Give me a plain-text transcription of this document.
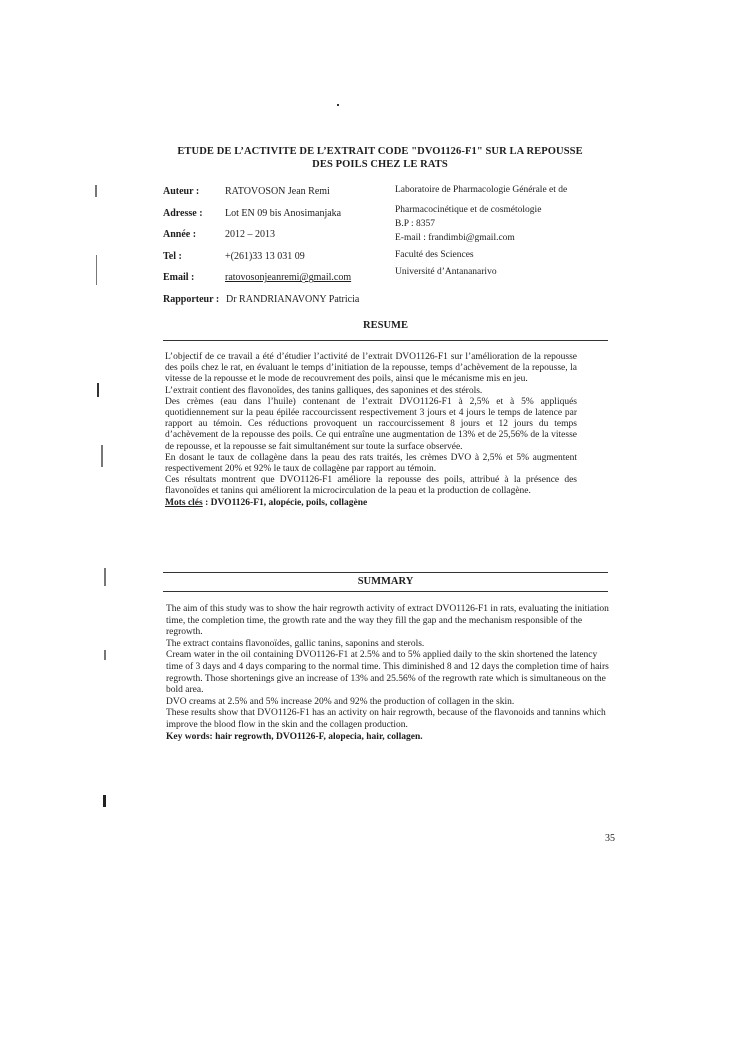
ETUDE DE L’ACTIVITE DE L’EXTRAIT CODE "DVO1126-F1" SUR LA REPOUSSE
DES POILS CHEZ LE RATS
Auteur :	RATOVOSON Jean Remi
Adresse : Lot EN 09 bis Anosimanjaka
Année :	2012 – 2013
Tel :	+(261)33 13 031 09
Email :	ratovosonjeanremi@gmail.com
Rapporteur : Dr RANDRIANAVONY Patricia
Laboratoire de Pharmacologie Générale et de
Pharmacocinétique et de cosmétologie
B.P : 8357
E-mail : frandimbi@gmail.com
Faculté des Sciences
Université d’Antananarivo
RESUME

L’objectif de ce travail a été d’étudier l’activité de l’extrait DVO1126-F1 sur l’amélioration de la repousse des poils chez le rat, en évaluant le temps d’initiation de la repousse, temps d’achèvement de la repousse, la vitesse de la repousse et le mode de recouvrement des poils, ainsi que le mécanisme mis en jeu.

L’extrait contient des flavonoïdes, des tanins galliques, des saponines et des stérols.

Des crèmes (eau dans l’huile) contenant de l’extrait DVO1126-F1 à 2,5% et à 5% appliqués quotidiennement sur la peau épilée raccourcissent respectivement 3 jours et 4 jours le temps de latence par rapport au témoin. Ces réductions provoquent un raccourcissement 8 jours et 12 jours du temps d’achèvement de la repousse des poils. Ce qui entraîne une augmentation de 13% et de 25,56% de la vitesse de repousse, et la repousse se fait simultanément sur toute la surface observée.

En dosant le taux de collagène dans la peau des rats traités, les crèmes DVO à 2,5% et 5% augmentent respectivement 20% et 92% le taux de collagène par rapport au témoin.

Ces résultats montrent que DVO1126-F1 améliore la repousse des poils, attribué à la présence des flavonoïdes et tanins qui améliorent la microcirculation de la peau et la production de collagène.

Mots clés : DVO1126-F1, alopécie, poils, collagène

SUMMARY

The aim of this study was to show the hair regrowth activity of extract DVO1126-F1 in rats, evaluating the initiation time, the completion time, the growth rate and the way they fill the gap and the mechanism responsible of the regrowth.

The extract contains flavonoïdes, gallic tanins, saponins and sterols.

Cream water in the oil containing DVO1126-F1 at 2.5% and to 5% applied daily to the skin shortened the latency time of 3 days and 4 days comparing to the normal time. This diminished 8 and 12 days the completion time of hairs regrowth. Those shortenings give an increase of 13% and 25.56% of the regrowth rate which is simultaneous on the bold area.

DVO creams at 2.5% and 5% increase 20% and 92% the production of collagen in the skin.

These results show that DVO1126-F1 has an activity on hair regrowth, because of the flavonoids and tannins which improve the blood flow in the skin and the collagen production.

Key words: hair regrowth, DVO1126-F, alopecia, hair, collagen.

35
